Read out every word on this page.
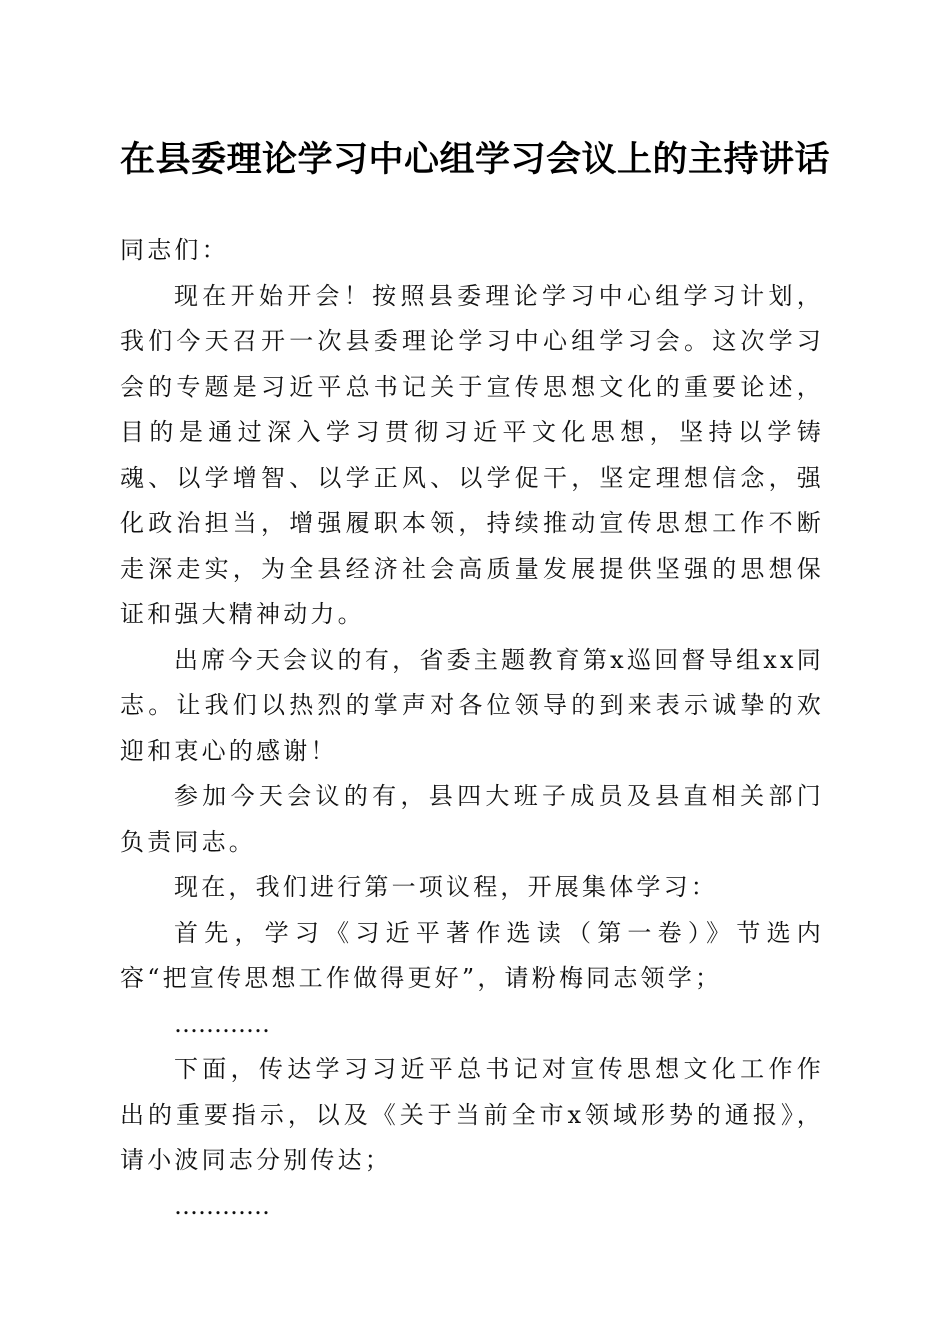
在县委理论学习中心组学习会议上的主持讲话

同志们：

现在开始开会！按照县委理论学习中心组学习计划，我们今天召开一次县委理论学习中心组学习会。这次学习会的专题是习近平总书记关于宣传思想文化的重要论述，目的是通过深入学习贯彻习近平文化思想，坚持以学铸魂、以学增智、以学正风、以学促干，坚定理想信念，强化政治担当，增强履职本领，持续推动宣传思想工作不断走深走实，为全县经济社会高质量发展提供坚强的思想保证和强大精神动力。

出席今天会议的有，省委主题教育第x巡回督导组xx同志。让我们以热烈的掌声对各位领导的到来表示诚挚的欢迎和衷心的感谢！

参加今天会议的有，县四大班子成员及县直相关部门负责同志。

现在，我们进行第一项议程，开展集体学习：

首先，学习《习近平著作选读（第一卷）》节选内容“把宣传思想工作做得更好”，请粉梅同志领学；

…………

下面，传达学习习近平总书记对宣传思想文化工作作出的重要指示，以及《关于当前全市x领域形势的通报》，请小波同志分别传达；

…………
